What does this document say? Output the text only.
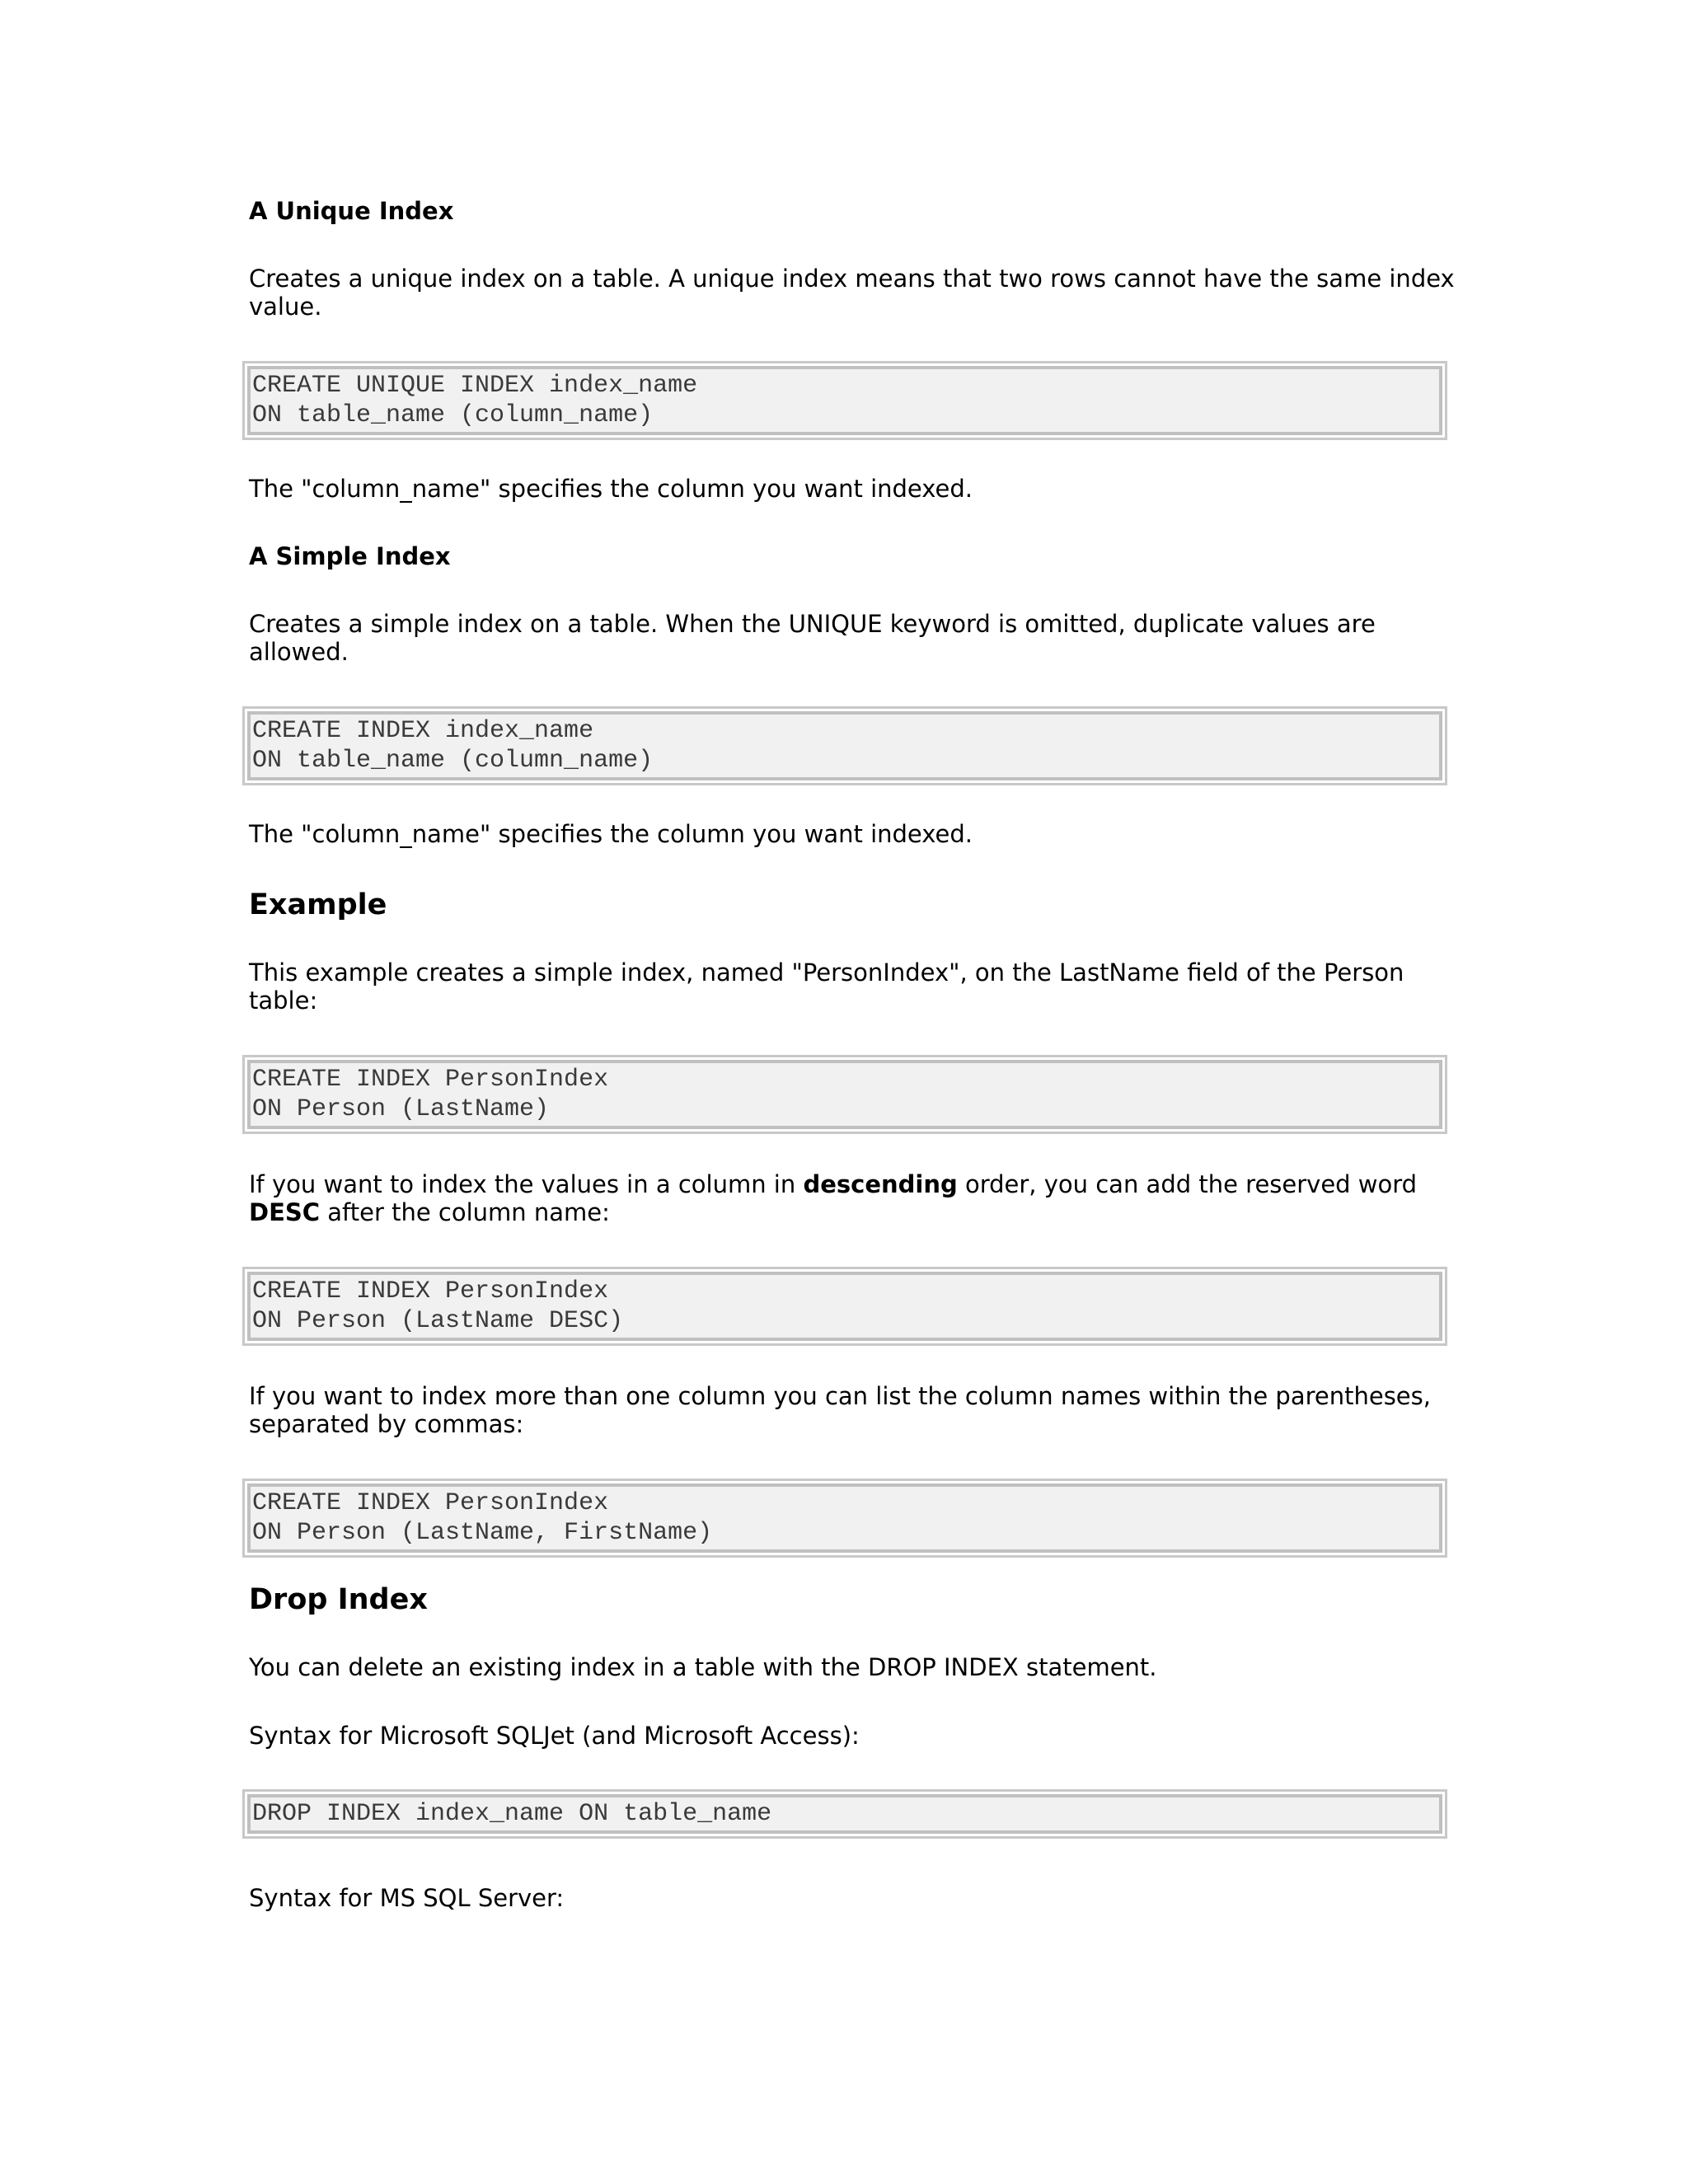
A Unique Index

Creates a unique index on a table. A unique index means that two rows cannot have the same index value.

CREATE UNIQUE INDEX index_name
ON table_name (column_name)

The "column_name" specifies the column you want indexed.

A Simple Index

Creates a simple index on a table. When the UNIQUE keyword is omitted, duplicate values are allowed.

CREATE INDEX index_name
ON table_name (column_name)

The "column_name" specifies the column you want indexed.

Example

This example creates a simple index, named "PersonIndex", on the LastName field of the Person table:

CREATE INDEX PersonIndex
ON Person (LastName)

If you want to index the values in a column in descending order, you can add the reserved word DESC after the column name:

CREATE INDEX PersonIndex
ON Person (LastName DESC)

If you want to index more than one column you can list the column names within the parentheses, separated by commas:

CREATE INDEX PersonIndex
ON Person (LastName, FirstName)
Drop Index

You can delete an existing index in a table with the DROP INDEX statement.

Syntax for Microsoft SQLJet (and Microsoft Access):

DROP INDEX index_name ON table_name

Syntax for MS SQL Server:
